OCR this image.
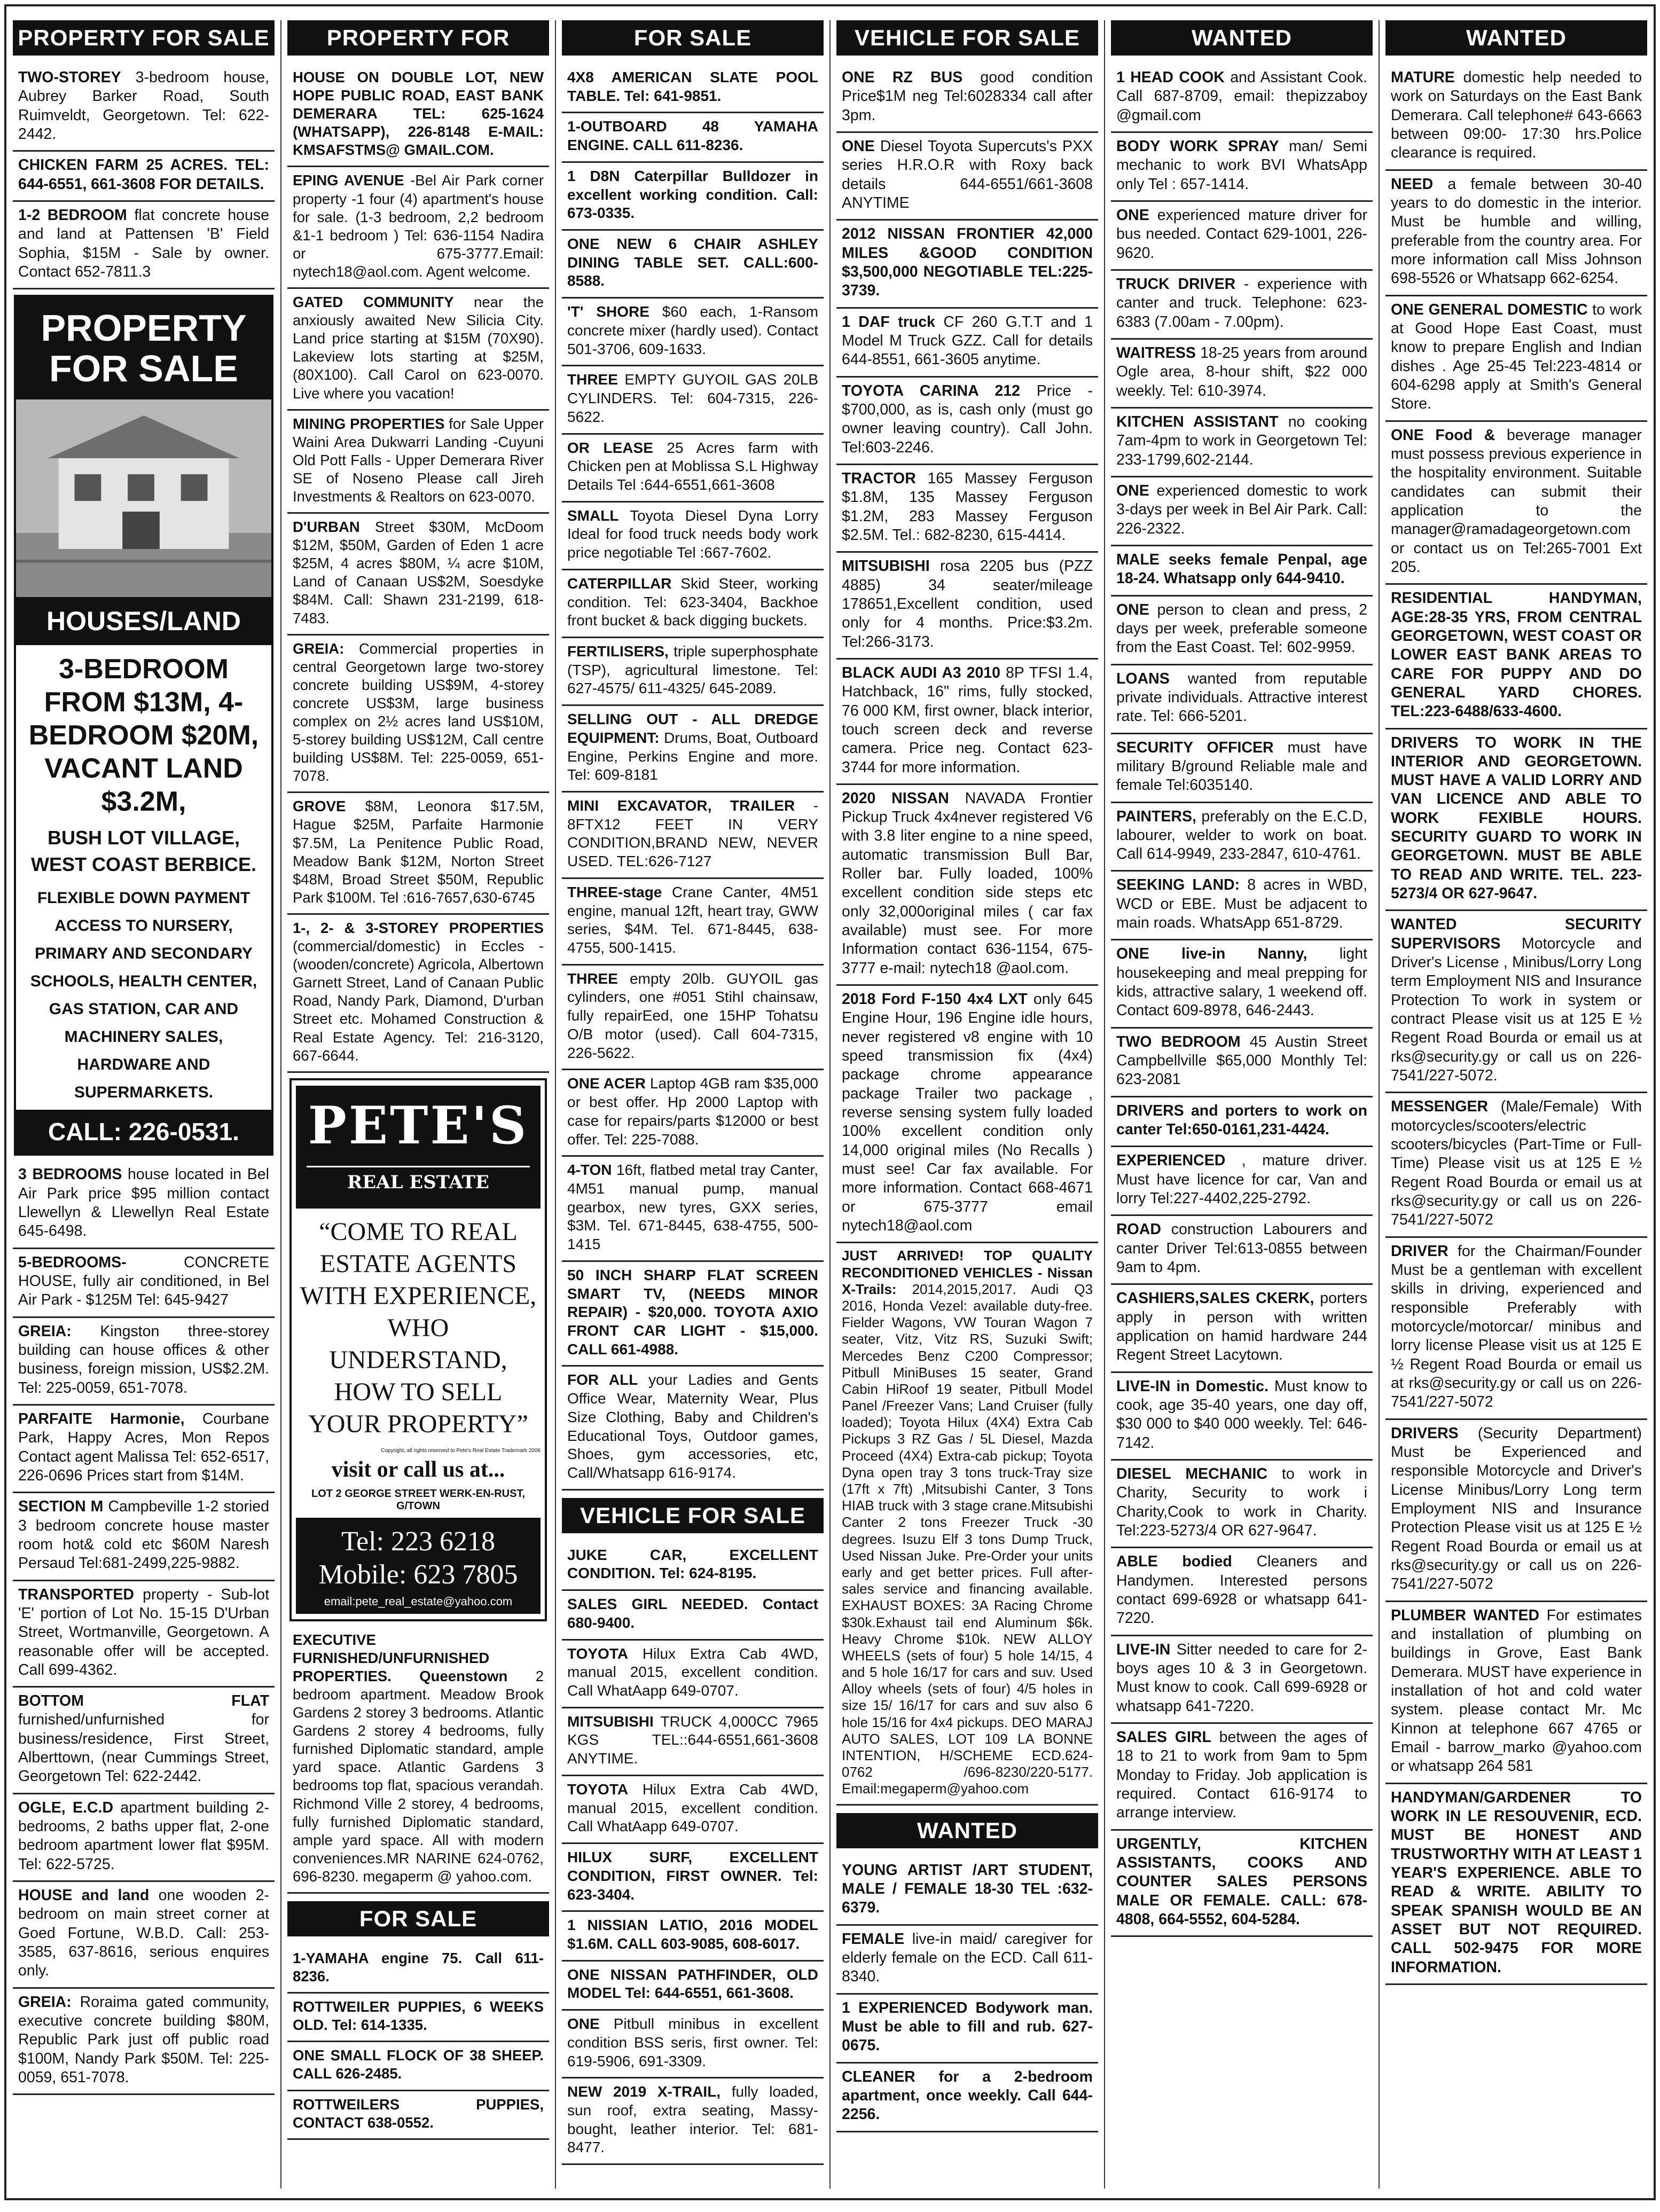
PROPERTY FOR SALE
TWO-STOREY 3-bedroom house, Aubrey Barker Road, South Ruimveldt, Georgetown. Tel: 622-2442.
CHICKEN FARM 25 ACRES. TEL: 644-6551, 661-3608 FOR DETAILS.
1-2 BEDROOM flat concrete house and land at Pattensen 'B' Field Sophia, $15M - Sale by owner. Contact 652-7811.3
PROPERTY FOR SALE
HOUSES/LAND
3-BEDROOM FROM $13M, 4-BEDROOM $20M, VACANT LAND $3.2M,
BUSH LOT VILLAGE, WEST COAST BERBICE.
FLEXIBLE DOWN PAYMENT ACCESS TO NURSERY, PRIMARY AND SECONDARY SCHOOLS, HEALTH CENTER, GAS STATION, CAR AND MACHINERY SALES, HARDWARE AND SUPERMARKETS.
CALL: 226-0531.
3 BEDROOMS house located in Bel Air Park price $95 million contact Llewellyn & Llewellyn Real Estate 645-6498.
5-BEDROOMS- CONCRETE HOUSE, fully air conditioned, in Bel Air Park - $125M Tel: 645-9427
GREIA: Kingston three-storey building can house offices & other business, foreign mission, US$2.2M. Tel: 225-0059, 651-7078.
PARFAITE Harmonie, Courbane Park, Happy Acres, Mon Repos Contact agent Malissa Tel: 652-6517, 226-0696 Prices start from $14M.
SECTION M Campbeville 1-2 storied 3 bedroom concrete house master room hot& cold etc $60M Naresh Persaud Tel:681-2499,225-9882.
TRANSPORTED property - Sub-lot 'E' portion of Lot No. 15-15 D'Urban Street, Wortmanville, Georgetown. A reasonable offer will be accepted. Call 699-4362.
BOTTOM FLAT furnished/unfurnished for business/residence, First Street, Alberttown, (near Cummings Street, Georgetown Tel: 622-2442.
OGLE, E.C.D apartment building 2-bedrooms, 2 baths upper flat, 2-one bedroom apartment lower flat $95M. Tel: 622-5725.
HOUSE and land one wooden 2-bedroom on main street corner at Goed Fortune, W.B.D. Call: 253-3585, 637-8616, serious enquires only.
GREIA: Roraima gated community, executive concrete building $80M, Republic Park just off public road $100M, Nandy Park $50M. Tel: 225-0059, 651-7078.
PROPERTY FOR
HOUSE ON DOUBLE LOT, NEW HOPE PUBLIC ROAD, EAST BANK DEMERARA TEL: 625-1624 (WHATSAPP), 226-8148 E-MAIL: KMSAFSTMS@ GMAIL.COM.
EPING AVENUE -Bel Air Park corner property -1 four (4) apartment's house for sale. (1-3 bedroom, 2,2 bedroom &1-1 bedroom ) Tel: 636-1154 Nadira or 675-3777.Email: nytech18@aol.com. Agent welcome.
GATED COMMUNITY near the anxiously awaited New Silicia City. Land price starting at $15M (70X90). Lakeview lots starting at $25M, (80X100). Call Carol on 623-0070. Live where you vacation!
MINING PROPERTIES for Sale Upper Waini Area Dukwarri Landing -Cuyuni Old Pott Falls - Upper Demerara River SE of Noseno Please call Jireh Investments & Realtors on 623-0070.
D'URBAN Street $30M, McDoom $12M, $50M, Garden of Eden 1 acre $25M, 4 acres $80M, ¼ acre $10M, Land of Canaan US$2M, Soesdyke $84M. Call: Shawn 231-2199, 618-7483.
GREIA: Commercial properties in central Georgetown large two-storey concrete building US$9M, 4-storey concrete US$3M, large business complex on 2½ acres land US$10M, 5-storey building US$12M, Call centre building US$8M. Tel: 225-0059, 651-7078.
GROVE $8M, Leonora $17.5M, Hague $25M, Parfaite Harmonie $7.5M, La Penitence Public Road, Meadow Bank $12M, Norton Street $48M, Broad Street $50M, Republic Park $100M. Tel :616-7657,630-6745
1-, 2- & 3-STOREY PROPERTIES (commercial/domestic) in Eccles - (wooden/concrete) Agricola, Albertown Garnett Street, Land of Canaan Public Road, Nandy Park, Diamond, D'urban Street etc. Mohamed Construction & Real Estate Agency. Tel: 216-3120, 667-6644.
PETE'S
REAL ESTATE
“COME TO REAL ESTATE AGENTS WITH EXPERIENCE, WHO UNDERSTAND, HOW TO SELL YOUR PROPERTY”
Copyright, all rights reserved to Pete's Real Estate Trademark 2006
visit or call us at...
LOT 2 GEORGE STREET WERK-EN-RUST, G/TOWN
Tel: 223 6218
Mobile: 623 7805
email:pete_real_estate@yahoo.com
EXECUTIVE FURNISHED/UNFURNISHED PROPERTIES. Queenstown 2 bedroom apartment. Meadow Brook Gardens 2 storey 3 bedrooms. Atlantic Gardens 2 storey 4 bedrooms, fully furnished Diplomatic standard, ample yard space. Atlantic Gardens 3 bedrooms top flat, spacious verandah. Richmond Ville 2 storey, 4 bedrooms, fully furnished Diplomatic standard, ample yard space. All with modern conveniences.MR NARINE 624-0762, 696-8230. megaperm @ yahoo.com.
FOR SALE
1-YAMAHA engine 75. Call 611-8236.
ROTTWEILER PUPPIES, 6 WEEKS OLD. Tel: 614-1335.
ONE SMALL FLOCK OF 38 SHEEP. CALL 626-2485.
ROTTWEILERS PUPPIES, CONTACT 638-0552.
FOR SALE
4X8 AMERICAN SLATE POOL TABLE. Tel: 641-9851.
1-OUTBOARD 48 YAMAHA ENGINE. CALL 611-8236.
1 D8N Caterpillar Bulldozer in excellent working condition. Call: 673-0335.
ONE NEW 6 CHAIR ASHLEY DINING TABLE SET. CALL:600-8588.
'T' SHORE $60 each, 1-Ransom concrete mixer (hardly used). Contact 501-3706, 609-1633.
THREE EMPTY GUYOIL GAS 20LB CYLINDERS. Tel: 604-7315, 226-5622.
OR LEASE 25 Acres farm with Chicken pen at Moblissa S.L Highway Details Tel :644-6551,661-3608
SMALL Toyota Diesel Dyna Lorry Ideal for food truck needs body work price negotiable Tel :667-7602.
CATERPILLAR Skid Steer, working condition. Tel: 623-3404, Backhoe front bucket & back digging buckets.
FERTILISERS, triple superphosphate (TSP), agricultural limestone. Tel: 627-4575/ 611-4325/ 645-2089.
SELLING OUT - ALL DREDGE EQUIPMENT: Drums, Boat, Outboard Engine, Perkins Engine and more. Tel: 609-8181
MINI EXCAVATOR, TRAILER - 8FTX12 FEET IN VERY CONDITION,BRAND NEW, NEVER USED. TEL:626-7127
THREE-stage Crane Canter, 4M51 engine, manual 12ft, heart tray, GWW series, $4M. Tel. 671-8445, 638-4755, 500-1415.
THREE empty 20lb. GUYOIL gas cylinders, one #051 Stihl chainsaw, fully repairEed, one 15HP Tohatsu O/B motor (used). Call 604-7315, 226-5622.
ONE ACER Laptop 4GB ram $35,000 or best offer. Hp 2000 Laptop with case for repairs/parts $12000 or best offer. Tel: 225-7088.
4-TON 16ft, flatbed metal tray Canter, 4M51 manual pump, manual gearbox, new tyres, GXX series, $3M. Tel. 671-8445, 638-4755, 500-1415
50 INCH SHARP FLAT SCREEN SMART TV, (NEEDS MINOR REPAIR) - $20,000. TOYOTA AXIO FRONT CAR LIGHT - $15,000. CALL 661-4988.
FOR ALL your Ladies and Gents Office Wear, Maternity Wear, Plus Size Clothing, Baby and Children's Educational Toys, Outdoor games, Shoes, gym accessories, etc, Call/Whatsapp 616-9174.
VEHICLE FOR SALE
JUKE CAR, EXCELLENT CONDITION. Tel: 624-8195.
SALES GIRL NEEDED. Contact 680-9400.
TOYOTA Hilux Extra Cab 4WD, manual 2015, excellent condition. Call WhatAapp 649-0707.
MITSUBISHI TRUCK 4,000CC 7965 KGS TEL::644-6551,661-3608 ANYTIME.
TOYOTA Hilux Extra Cab 4WD, manual 2015, excellent condition. Call WhatAapp 649-0707.
HILUX SURF, EXCELLENT CONDITION, FIRST OWNER. Tel: 623-3404.
1 NISSIAN LATIO, 2016 MODEL $1.6M. CALL 603-9085, 608-6017.
ONE NISSAN PATHFINDER, OLD MODEL Tel: 644-6551, 661-3608.
ONE Pitbull minibus in excellent condition BSS seris, first owner. Tel: 619-5906, 691-3309.
NEW 2019 X-TRAIL, fully loaded, sun roof, extra seating, Massy-bought, leather interior. Tel: 681-8477.
VEHICLE FOR SALE
ONE RZ BUS good condition Price$1M neg Tel:6028334 call after 3pm.
ONE Diesel Toyota Supercuts's PXX series H.R.O.R with Roxy back details 644-6551/661-3608 ANYTIME
2012 NISSAN FRONTIER 42,000 MILES &GOOD CONDITION $3,500,000 NEGOTIABLE TEL:225-3739.
1 DAF truck CF 260 G.T.T and 1 Model M Truck GZZ. Call for details 644-8551, 661-3605 anytime.
TOYOTA CARINA 212 Price - $700,000, as is, cash only (must go owner leaving country). Call John. Tel:603-2246.
TRACTOR 165 Massey Ferguson $1.8M, 135 Massey Ferguson $1.2M, 283 Massey Ferguson $2.5M. Tel.: 682-8230, 615-4414.
MITSUBISHI rosa 2205 bus (PZZ 4885) 34 seater/mileage 178651,Excellent condition, used only for 4 months. Price:$3.2m. Tel:266-3173.
BLACK AUDI A3 2010 8P TFSI 1.4, Hatchback, 16" rims, fully stocked, 76 000 KM, first owner, black interior, touch screen deck and reverse camera. Price neg. Contact 623-3744 for more information.
2020 NISSAN NAVADA Frontier Pickup Truck 4x4never registered V6 with 3.8 liter engine to a nine speed, automatic transmission Bull Bar, Roller bar. Fully loaded, 100% excellent condition side steps etc only 32,000original miles ( car fax available) must see. For more Information contact 636-1154, 675-3777 e-mail: nytech18 @aol.com.
2018 Ford F-150 4x4 LXT only 645 Engine Hour, 196 Engine idle hours, never registered v8 engine with 10 speed transmission fix (4x4) package chrome appearance package Trailer two package , reverse sensing system fully loaded 100% excellent condition only 14,000 original miles (No Recalls ) must see! Car fax available. For more information. Contact 668-4671 or 675-3777 email nytech18@aol.com
JUST ARRIVED! TOP QUALITY RECONDITIONED VEHICLES - Nissan X-Trails: 2014,2015,2017. Audi Q3 2016, Honda Vezel: available duty-free. Fielder Wagons, VW Touran Wagon 7 seater, Vitz, Vitz RS, Suzuki Swift; Mercedes Benz C200 Compressor; Pitbull MiniBuses 15 seater, Grand Cabin HiRoof 19 seater, Pitbull Model Panel /Freezer Vans; Land Cruiser (fully loaded); Toyota Hilux (4X4) Extra Cab Pickups 3 RZ Gas / 5L Diesel, Mazda Proceed (4X4) Extra-cab pickup; Toyota Dyna open tray 3 tons truck-Tray size (17ft x 7ft) ,Mitsubishi Canter, 3 Tons HIAB truck with 3 stage crane.Mitsubishi Canter 2 tons Freezer Truck -30 degrees. Isuzu Elf 3 tons Dump Truck, Used Nissan Juke. Pre-Order your units early and get better prices. Full after-sales service and financing available. EXHAUST BOXES: 3A Racing Chrome $30k.Exhaust tail end Aluminum $6k. Heavy Chrome $10k. NEW ALLOY WHEELS (sets of four) 5 hole 14/15, 4 and 5 hole 16/17 for cars and suv. Used Alloy wheels (sets of four) 4/5 holes in size 15/ 16/17 for cars and suv also 6 hole 15/16 for 4x4 pickups. DEO MARAJ AUTO SALES, LOT 109 LA BONNE INTENTION, H/SCHEME ECD.624-0762 /696-8230/220-5177. Email:megaperm@yahoo.com
WANTED
YOUNG ARTIST /ART STUDENT, MALE / FEMALE 18-30 TEL :632-6379.
FEMALE live-in maid/ caregiver for elderly female on the ECD. Call 611-8340.
1 EXPERIENCED Bodywork man. Must be able to fill and rub. 627-0675.
CLEANER for a 2-bedroom apartment, once weekly. Call 644-2256.
WANTED
1 HEAD COOK and Assistant Cook. Call 687-8709, email: thepizzaboy @gmail.com
BODY WORK SPRAY man/ Semi mechanic to work BVI WhatsApp only Tel : 657-1414.
ONE experienced mature driver for bus needed. Contact 629-1001, 226-9620.
TRUCK DRIVER - experience with canter and truck. Telephone: 623-6383 (7.00am - 7.00pm).
WAITRESS 18-25 years from around Ogle area, 8-hour shift, $22 000 weekly. Tel: 610-3974.
KITCHEN ASSISTANT no cooking 7am-4pm to work in Georgetown Tel: 233-1799,602-2144.
ONE experienced domestic to work 3-days per week in Bel Air Park. Call: 226-2322.
MALE seeks female Penpal, age 18-24. Whatsapp only 644-9410.
ONE person to clean and press, 2 days per week, preferable someone from the East Coast. Tel: 602-9959.
LOANS wanted from reputable private individuals. Attractive interest rate. Tel: 666-5201.
SECURITY OFFICER must have military B/ground Reliable male and female Tel:6035140.
PAINTERS, preferably on the E.C.D, labourer, welder to work on boat. Call 614-9949, 233-2847, 610-4761.
SEEKING LAND: 8 acres in WBD, WCD or EBE. Must be adjacent to main roads. WhatsApp 651-8729.
ONE live-in Nanny, light housekeeping and meal prepping for kids, attractive salary, 1 weekend off. Contact 609-8978, 646-2443.
TWO BEDROOM 45 Austin Street Campbellville $65,000 Monthly Tel: 623-2081
DRIVERS and porters to work on canter Tel:650-0161,231-4424.
EXPERIENCED , mature driver. Must have licence for car, Van and lorry Tel:227-4402,225-2792.
ROAD construction Labourers and canter Driver Tel:613-0855 between 9am to 4pm.
CASHIERS,SALES CKERK, porters apply in person with written application on hamid hardware 244 Regent Street Lacytown.
LIVE-IN in Domestic. Must know to cook, age 35-40 years, one day off, $30 000 to $40 000 weekly. Tel: 646-7142.
DIESEL MECHANIC to work in Charity, Security to work i Charity,Cook to work in Charity. Tel:223-5273/4 OR 627-9647.
ABLE bodied Cleaners and Handymen. Interested persons contact 699-6928 or whatsapp 641-7220.
LIVE-IN Sitter needed to care for 2-boys ages 10 & 3 in Georgetown. Must know to cook. Call 699-6928 or whatsapp 641-7220.
SALES GIRL between the ages of 18 to 21 to work from 9am to 5pm Monday to Friday. Job application is required. Contact 616-9174 to arrange interview.
URGENTLY, KITCHEN ASSISTANTS, COOKS AND COUNTER SALES PERSONS MALE OR FEMALE. CALL: 678-4808, 664-5552, 604-5284.
WANTED
MATURE domestic help needed to work on Saturdays on the East Bank Demerara. Call telephone# 643-6663 between 09:00- 17:30 hrs.Police clearance is required.
NEED a female between 30-40 years to do domestic in the interior. Must be humble and willing, preferable from the country area. For more information call Miss Johnson 698-5526 or Whatsapp 662-6254.
ONE GENERAL DOMESTIC to work at Good Hope East Coast, must know to prepare English and Indian dishes . Age 25-45 Tel:223-4814 or 604-6298 apply at Smith's General Store.
ONE Food & beverage manager must possess previous experience in the hospitality environment. Suitable candidates can submit their application to the manager@ramadageorgetown.com or contact us on Tel:265-7001 Ext 205.
RESIDENTIAL HANDYMAN, AGE:28-35 YRS, FROM CENTRAL GEORGETOWN, WEST COAST OR LOWER EAST BANK AREAS TO CARE FOR PUPPY AND DO GENERAL YARD CHORES. TEL:223-6488/633-4600.
DRIVERS TO WORK IN THE INTERIOR AND GEORGETOWN. MUST HAVE A VALID LORRY AND VAN LICENCE AND ABLE TO WORK FEXIBLE HOURS. SECURITY GUARD TO WORK IN GEORGETOWN. MUST BE ABLE TO READ AND WRITE. TEL. 223-5273/4 OR 627-9647.
WANTED SECURITY SUPERVISORS Motorcycle and Driver's License , Minibus/Lorry Long term Employment NIS and Insurance Protection To work in system or contract Please visit us at 125 E ½ Regent Road Bourda or email us at rks@security.gy or call us on 226-7541/227-5072.
MESSENGER (Male/Female) With motorcycles/scooters/electric scooters/bicycles (Part-Time or Full-Time) Please visit us at 125 E ½ Regent Road Bourda or email us at rks@security.gy or call us on 226-7541/227-5072
DRIVER for the Chairman/Founder Must be a gentleman with excellent skills in driving, experienced and responsible Preferably with motorcycle/motorcar/ minibus and lorry license Please visit us at 125 E ½ Regent Road Bourda or email us at rks@security.gy or call us on 226-7541/227-5072
DRIVERS (Security Department) Must be Experienced and responsible Motorcycle and Driver's License Minibus/Lorry Long term Employment NIS and Insurance Protection Please visit us at 125 E ½ Regent Road Bourda or email us at rks@security.gy or call us on 226-7541/227-5072
PLUMBER WANTED For estimates and installation of plumbing on buildings in Grove, East Bank Demerara. MUST have experience in installation of hot and cold water system. please contact Mr. Mc Kinnon at telephone 667 4765 or Email - barrow_marko @yahoo.com or whatsapp 264 581
HANDYMAN/GARDENER TO WORK IN LE RESOUVENIR, ECD. MUST BE HONEST AND TRUSTWORTHY WITH AT LEAST 1 YEAR'S EXPERIENCE. ABLE TO READ & WRITE. ABILITY TO SPEAK SPANISH WOULD BE AN ASSET BUT NOT REQUIRED. CALL 502-9475 FOR MORE INFORMATION.
